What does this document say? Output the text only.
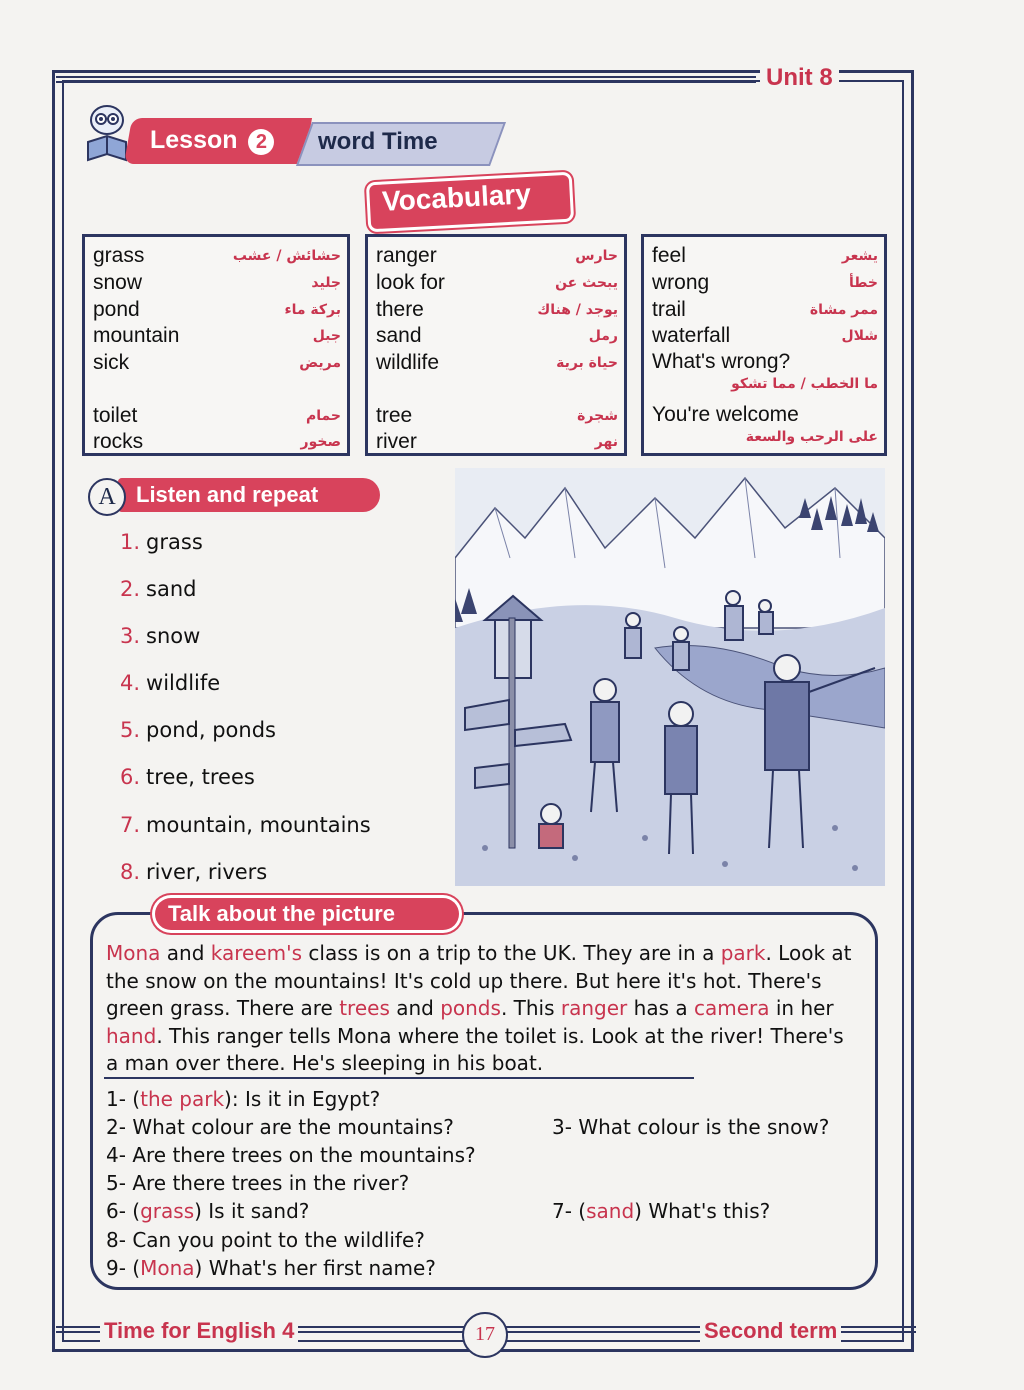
Unit 8
Lesson 2	word Time
Vocabulary
grass	حشائش / عشب
snow	جليد
pond	بركة ماء
mountain	جبل
sick	مريض
toilet	حمام
rocks	صخور
ranger	حارس
look for	يبحث عن
there	يوجد / هناك
sand	رمل
wildlife	حياة برية
tree	شجرة
river	نهر
feel	يشعر
wrong	خطأ
trail	ممر مشاة
waterfall	شلال
What's wrong?
ما الخطب / مما تشكو
You're welcome
على الرحب والسعة
A Listen and repeat
1. grass
2. sand
3. snow
4. wildlife
5. pond, ponds
6. tree, trees
7. mountain, mountains
8. river, rivers
Talk about the picture
Mona and kareem's class is on a trip to the UK. They are in a park. Look at the snow on the mountains! It's cold up there. But here it's hot. There's green grass. There are trees and ponds. This ranger has a camera in her hand. This ranger tells Mona where the toilet is. Look at the river! There's a man over there. He's sleeping in his boat.
1- (the park): Is it in Egypt?
2- What colour are the mountains?	3- What colour is the snow?
4- Are there trees on the mountains?
5- Are there trees in the river?
6- (grass) Is it sand?	7- (sand) What's this?
8- Can you point to the wildlife?
9- (Mona) What's her first name?
Time for English 4	17	Second term
